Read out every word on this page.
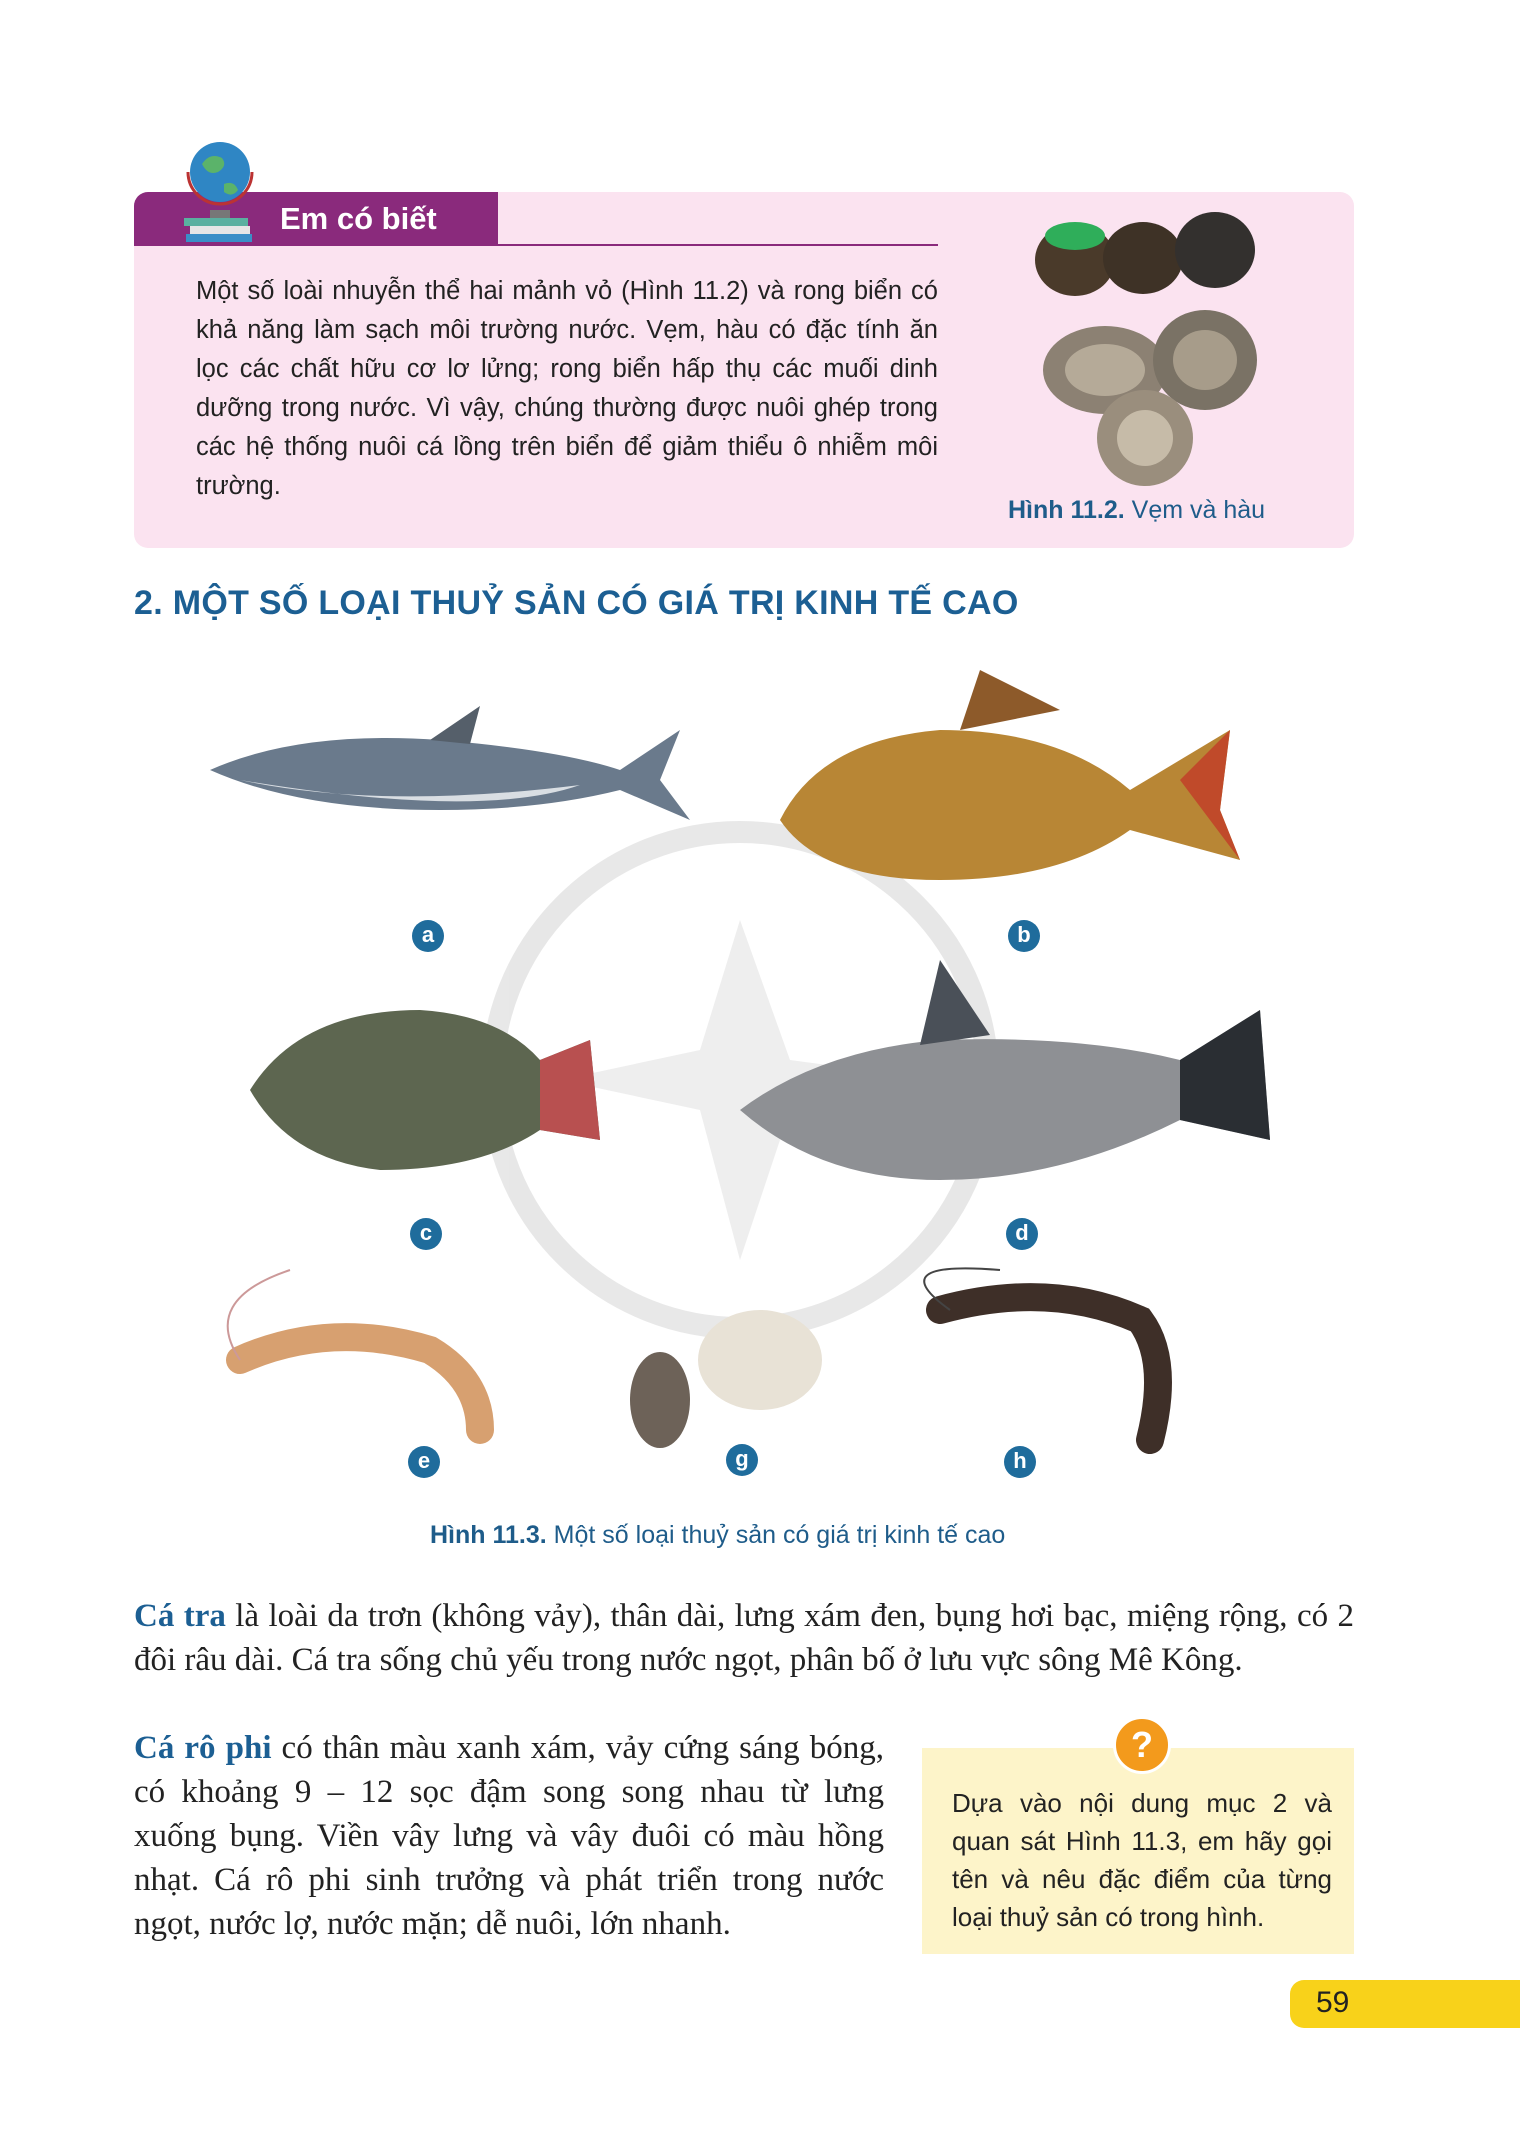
Em có biết
Một số loài nhuyễn thể hai mảnh vỏ (Hình 11.2) và rong biển có khả năng làm sạch môi trường nước. Vẹm, hàu có đặc tính ăn lọc các chất hữu cơ lơ lửng; rong biển hấp thụ các muối dinh dưỡng trong nước. Vì vậy, chúng thường được nuôi ghép trong các hệ thống nuôi cá lồng trên biển để giảm thiểu ô nhiễm môi trường.
Hình 11.2. Vẹm và hàu
2. MỘT SỐ LOẠI THUỶ SẢN CÓ GIÁ TRỊ KINH TẾ CAO
a	b
c	d
e	g	h
Hình 11.3. Một số loại thuỷ sản có giá trị kinh tế cao
Cá tra là loài da trơn (không vảy), thân dài, lưng xám đen, bụng hơi bạc, miệng rộng, có 2 đôi râu dài. Cá tra sống chủ yếu trong nước ngọt, phân bố ở lưu vực sông Mê Kông.
Cá rô phi có thân màu xanh xám, vảy cứng sáng bóng, có khoảng 9 – 12 sọc đậm song song nhau từ lưng xuống bụng. Viền vây lưng và vây đuôi có màu hồng nhạt. Cá rô phi sinh trưởng và phát triển trong nước ngọt, nước lợ, nước mặn; dễ nuôi, lớn nhanh.
?
Dựa vào nội dung mục 2 và quan sát Hình 11.3, em hãy gọi tên và nêu đặc điểm của từng loại thuỷ sản có trong hình.
59
